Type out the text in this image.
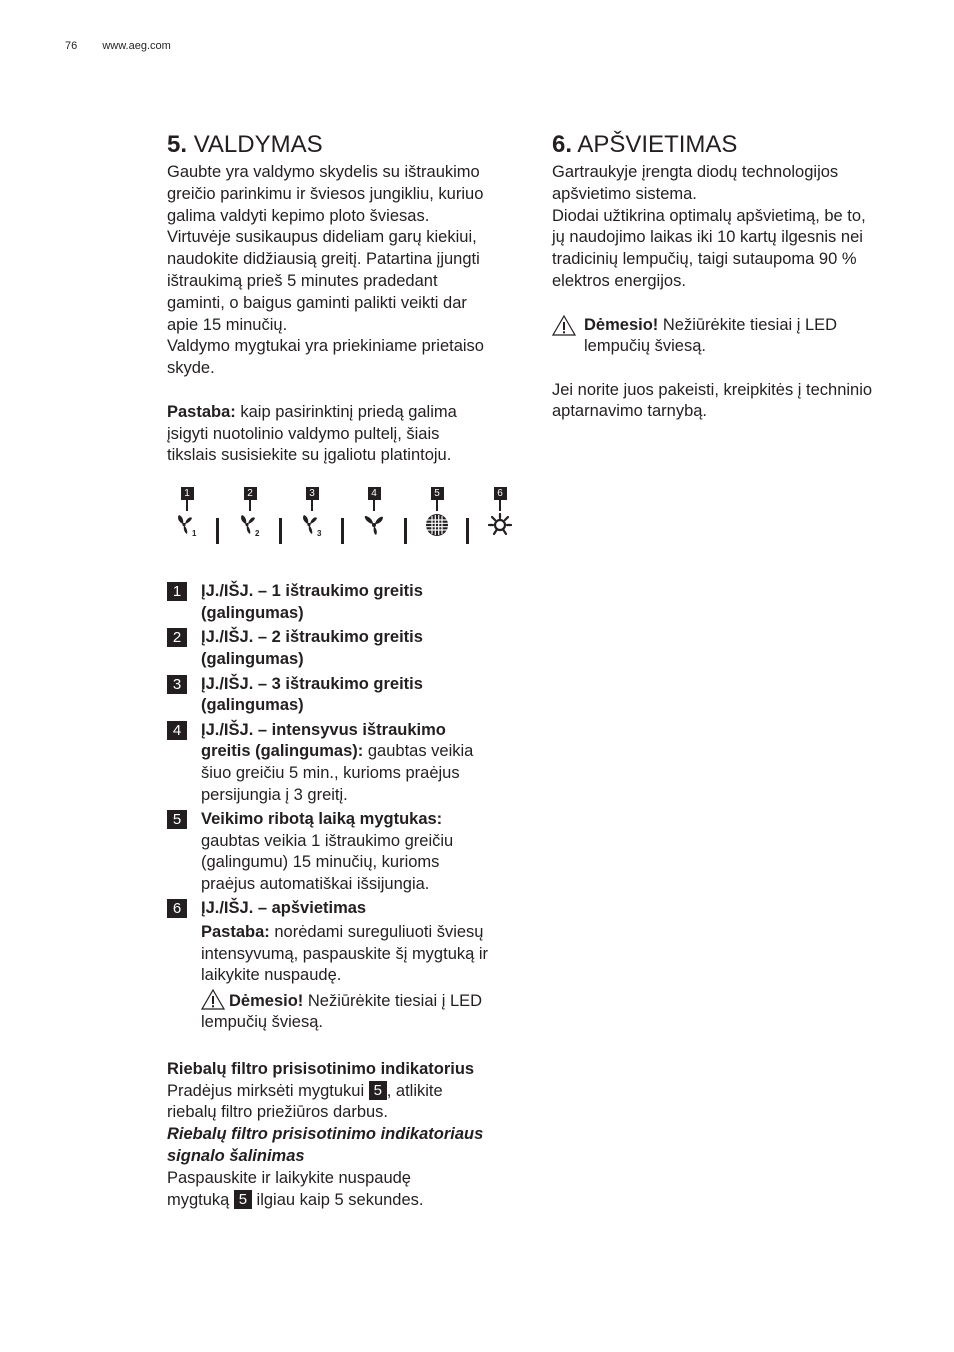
76 www.aeg.com
5. VALDYMAS

Gaubte yra valdymo skydelis su ištraukimo
greičio parinkimu ir šviesos jungikliu, kuriuo
galima valdyti kepimo ploto šviesas.
Virtuvėje susikaupus dideliam garų kiekiui,
naudokite didžiausią greitį. Patartina įjungti
ištraukimą prieš 5 minutes pradedant
gaminti, o baigus gaminti palikti veikti dar
apie 15 minučių.
Valdymo mygtukai yra priekiniame prietaiso
skyde.

Pastaba: kaip pasirinktinį priedą galima
įsigyti nuotolinio valdymo pultelį, šiais
tikslais susisiekite su įgaliotu platintoju.

1
1
2
2
3
3
4	5	6
1	ĮJ./IŠJ. – 1 ištraukimo greitis
(galingumas)
2	ĮJ./IŠJ. – 2 ištraukimo greitis
(galingumas)
3	ĮJ./IŠJ. – 3 ištraukimo greitis
(galingumas)
4	ĮJ./IŠJ. – intensyvus ištraukimo
greitis (galingumas): gaubtas veikia
šiuo greičiu 5 min., kurioms praėjus
persijungia į 3 greitį.
5	Veikimo ribotą laiką mygtukas:
gaubtas veikia 1 ištraukimo greičiu
(galingumu) 15 minučių, kurioms
praėjus automatiškai išsijungia.
6	ĮJ./IŠJ. – apšvietimas
Pastaba: norėdami sureguliuoti šviesų
intensyvumą, paspauskite šį mygtuką ir
laikykite nuspaudę.
Dėmesio! Nežiūrėkite tiesiai į LED
lempučių šviesą.

Riebalų filtro prisisotinimo indikatorius
Pradėjus mirksėti mygtukui 5 , atlikite
riebalų filtro priežiūros darbus.
Riebalų filtro prisisotinimo indikatoriaus
signalo šalinimas
Paspauskite ir laikykite nuspaudę
mygtuką 5 ilgiau kaip 5 sekundes.

6. APŠVIETIMAS

Gartraukyje įrengta diodų technologijos
apšvietimo sistema.
Diodai užtikrina optimalų apšvietimą, be to,
jų naudojimo laikas iki 10 kartų ilgesnis nei
tradicinių lempučių, taigi sutaupoma 90 %
elektros energijos.

Dėmesio! Nežiūrėkite tiesiai į LED
lempučių šviesą.

Jei norite juos pakeisti, kreipkitės į techninio
aptarnavimo tarnybą.
